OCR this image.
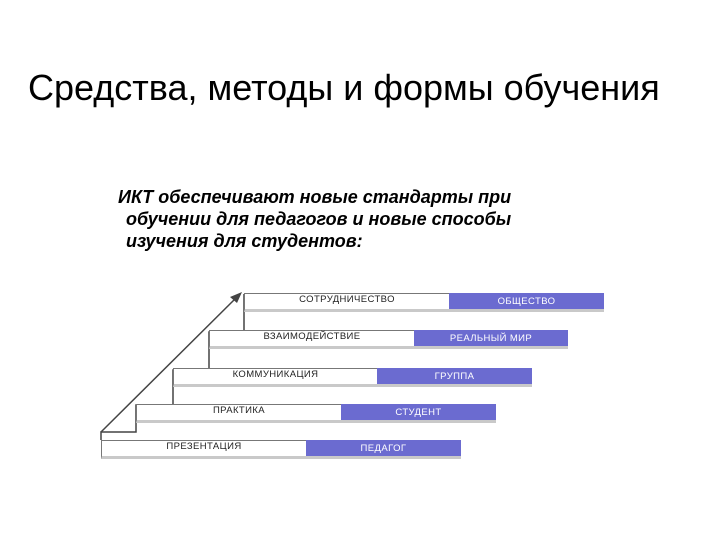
Средства, методы и формы обучения

ИКТ обеспечивают новые стандарты при
обучении для педагогов и новые способы
изучения для студентов:

СОТРУДНИЧЕСТВО	ОБЩЕСТВО
ВЗАИМОДЕЙСТВИЕ	РЕАЛЬНЫЙ МИР
КОММУНИКАЦИЯ	ГРУППА
ПРАКТИКА	СТУДЕНТ
ПРЕЗЕНТАЦИЯ	ПЕДАГОГ
